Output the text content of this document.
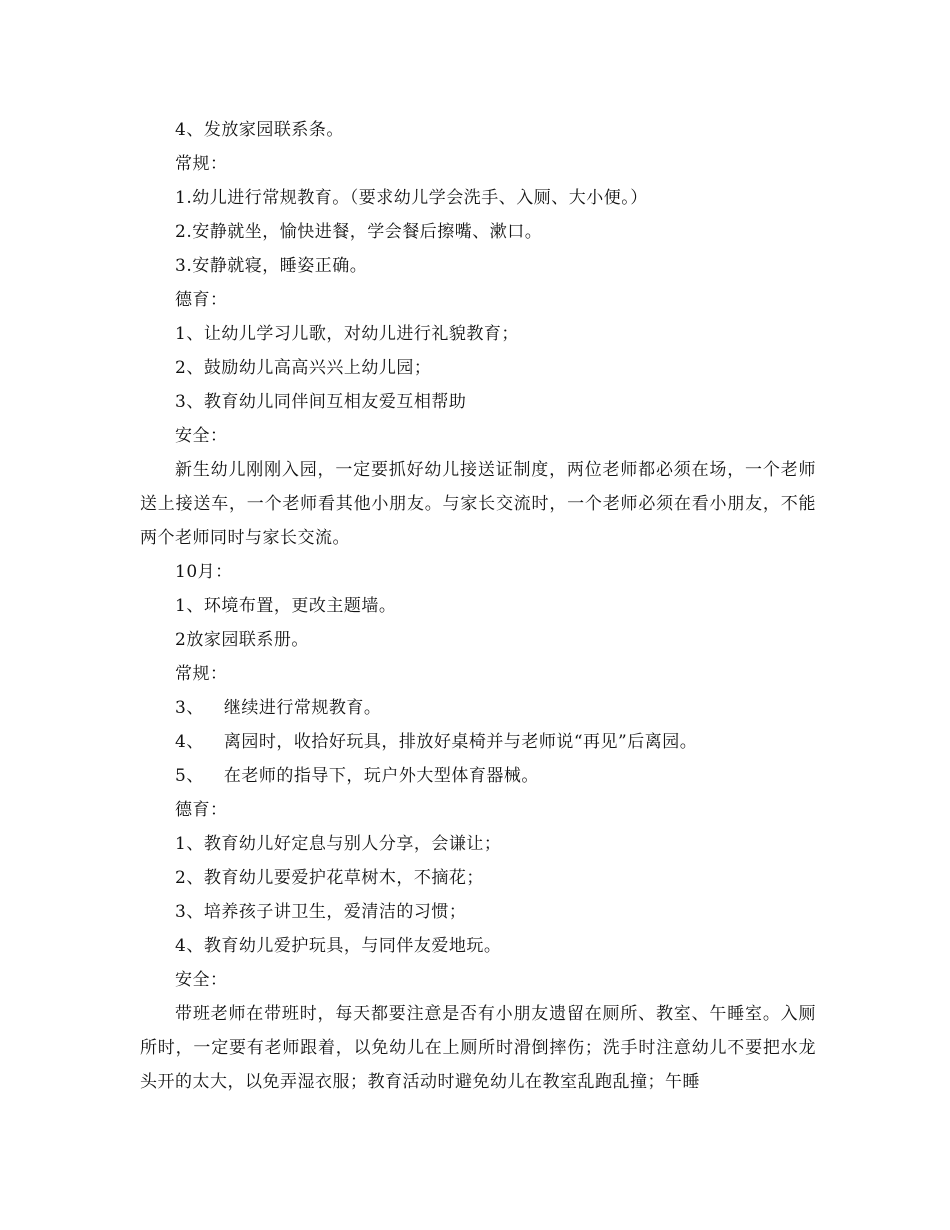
4、发放家园联系条。
常规：
1.幼儿进行常规教育。（要求幼儿学会洗手、入厕、大小便。）
2.安静就坐，愉快进餐，学会餐后擦嘴、漱口。
3.安静就寝，睡姿正确。
德育：
1、让幼儿学习儿歌，对幼儿进行礼貌教育；
2、鼓励幼儿高高兴兴上幼儿园；
3、教育幼儿同伴间互相友爱互相帮助
安全：

新生幼儿刚刚入园，一定要抓好幼儿接送证制度，两位老师都必须在场，一个老师送上接送车，一个老师看其他小朋友。与家长交流时，一个老师必须在看小朋友，不能两个老师同时与家长交流。

10月：
1、环境布置，更改主题墙。
2放家园联系册。
常规：
3、 继续进行常规教育。
4、 离园时，收拾好玩具，排放好桌椅并与老师说“再见”后离园。
5、 在老师的指导下，玩户外大型体育器械。
德育：
1、教育幼儿好定息与别人分享，会谦让；
2、教育幼儿要爱护花草树木，不摘花；
3、培养孩子讲卫生，爱清洁的习惯；
4、教育幼儿爱护玩具，与同伴友爱地玩。
安全：

带班老师在带班时，每天都要注意是否有小朋友遗留在厕所、教室、午睡室。入厕所时，一定要有老师跟着，以免幼儿在上厕所时滑倒摔伤；洗手时注意幼儿不要把水龙头开的太大，以免弄湿衣服；教育活动时避免幼儿在教室乱跑乱撞；午睡
